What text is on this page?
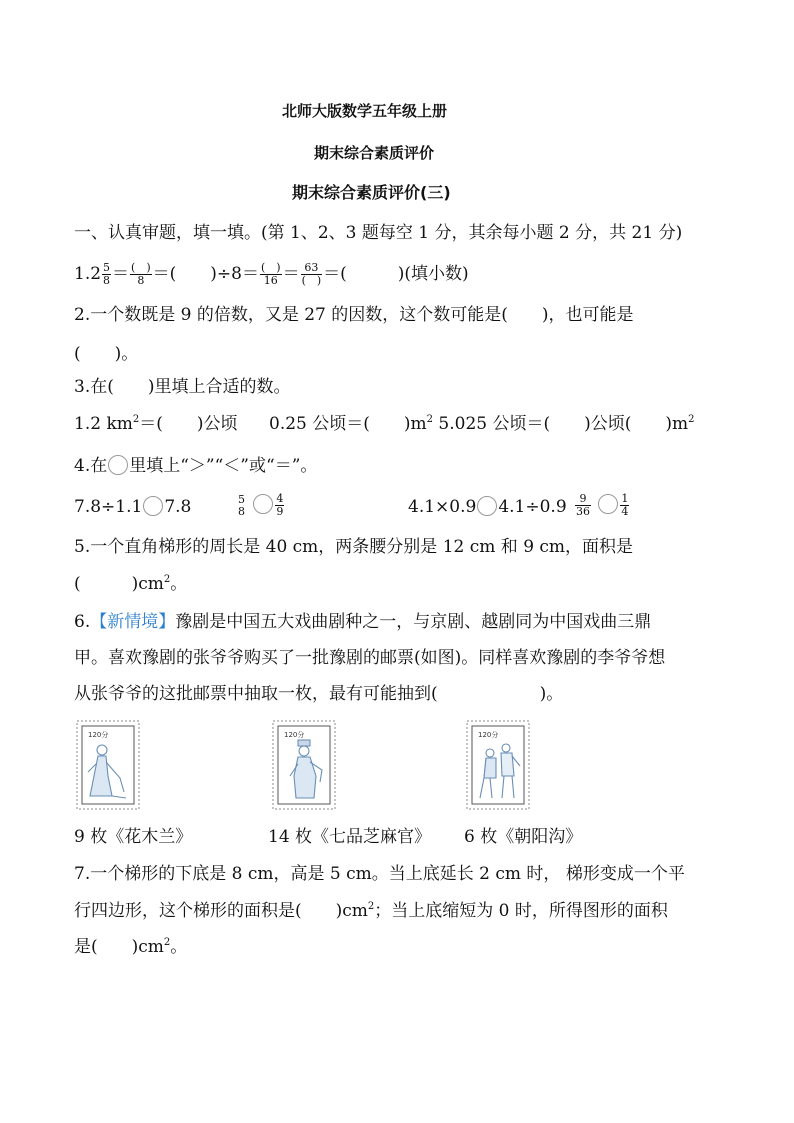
北师大版数学五年级上册
期末综合素质评价
期末综合素质评价(三)
一、认真审题，填一填。(第 1、2、3 题每空 1 分，其余每小题 2 分，共 21 分)
$1.2 \frac{5}{8} = \frac{( )}{8}$ ＝(　　)$\div 8= \frac{( )}{16} = \frac{63}{( )}$ ＝(　　　)(填小数)
2.一个数既是 9 的倍数，又是 27 的因数，这个数可能是(　　)，也可能是
(　　)。
3.在(　　)里填上合适的数。
1.2 $km^2=$(　　)公顷 0.25 公顷＝(　　)$m^2$ 5.025 公顷＝(　　)公顷(　　)$m^2$
4.在 里填上“＞”“＜”或“＝”。
7.8÷1.1 7.8	5
8
	$\frac{4}{9}$	4.1×0.9 $4.1\div 0.9 \frac{9}{36}$
	$\frac{1}{4}$
5.一个直角梯形的周长是 40 cm，两条腰分别是 12 cm 和 9 cm，面积是
(　　　)$cm^2$。
6.【新情境】豫剧是中国五大戏曲剧种之一，与京剧、越剧同为中国戏曲三鼎
甲。喜欢豫剧的张爷爷购买了一批豫剧的邮票(如图)。同样喜欢豫剧的李爷爷想
从张爷爷的这批邮票中抽取一枚，最有可能抽到(　　　　　　)。
120分	120分	120分
9 枚《花木兰》	14 枚《七品芝麻官》 6 枚《朝阳沟》
7.一个梯形的下底是 8 cm，高是 5 cm。当上底延长 2 cm 时， 梯形变成一个平
行四边形，这个梯形的面积是(　　)$cm^2$；当上底缩短为 0 时，所得图形的面积
是(　　)$cm^2$。
